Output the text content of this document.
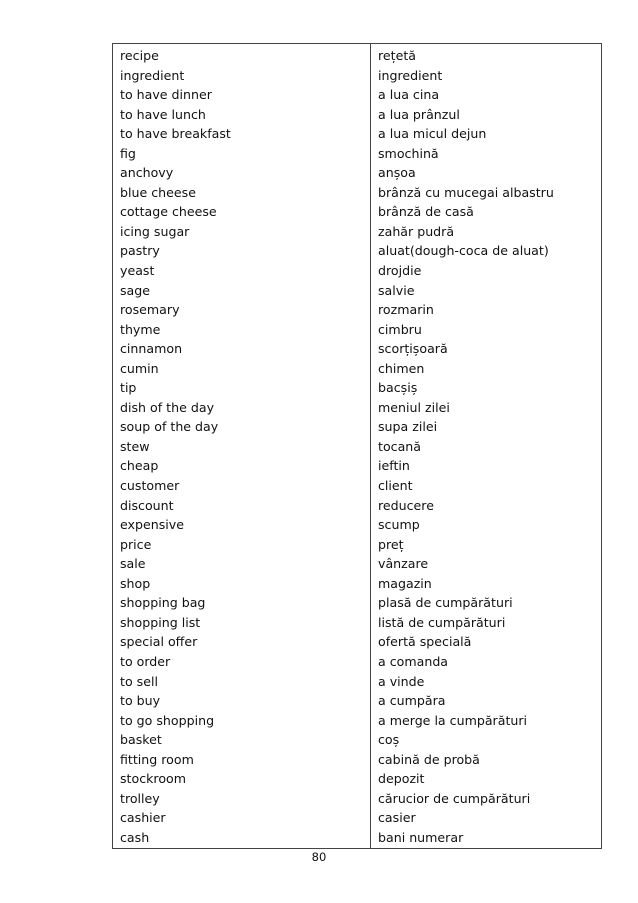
recipe	rețetă
ingredient	ingredient
to have dinner	a lua cina
to have lunch	a lua prânzul
to have breakfast	a lua micul dejun
fig	smochină
anchovy	anșoa
blue cheese	brânză cu mucegai albastru
cottage cheese	brânză de casă
icing sugar	zahăr pudră
pastry	aluat(dough-coca de aluat)
yeast	drojdie
sage	salvie
rosemary	rozmarin
thyme	cimbru
cinnamon	scorțișoară
cumin	chimen
tip	bacșiș
dish of the day	meniul zilei
soup of the day	supa zilei
stew	tocană
cheap	ieftin
customer	client
discount	reducere
expensive	scump
price	preț
sale	vânzare
shop	magazin
shopping bag	plasă de cumpărături
shopping list	listă de cumpărături
special offer	ofertă specială
to order	a comanda
to sell	a vinde
to buy	a cumpăra
to go shopping	a merge la cumpărături
basket	coș
fitting room	cabină de probă
stockroom	depozit
trolley	cărucior de cumpărături
cashier	casier
cash	bani numerar
80
